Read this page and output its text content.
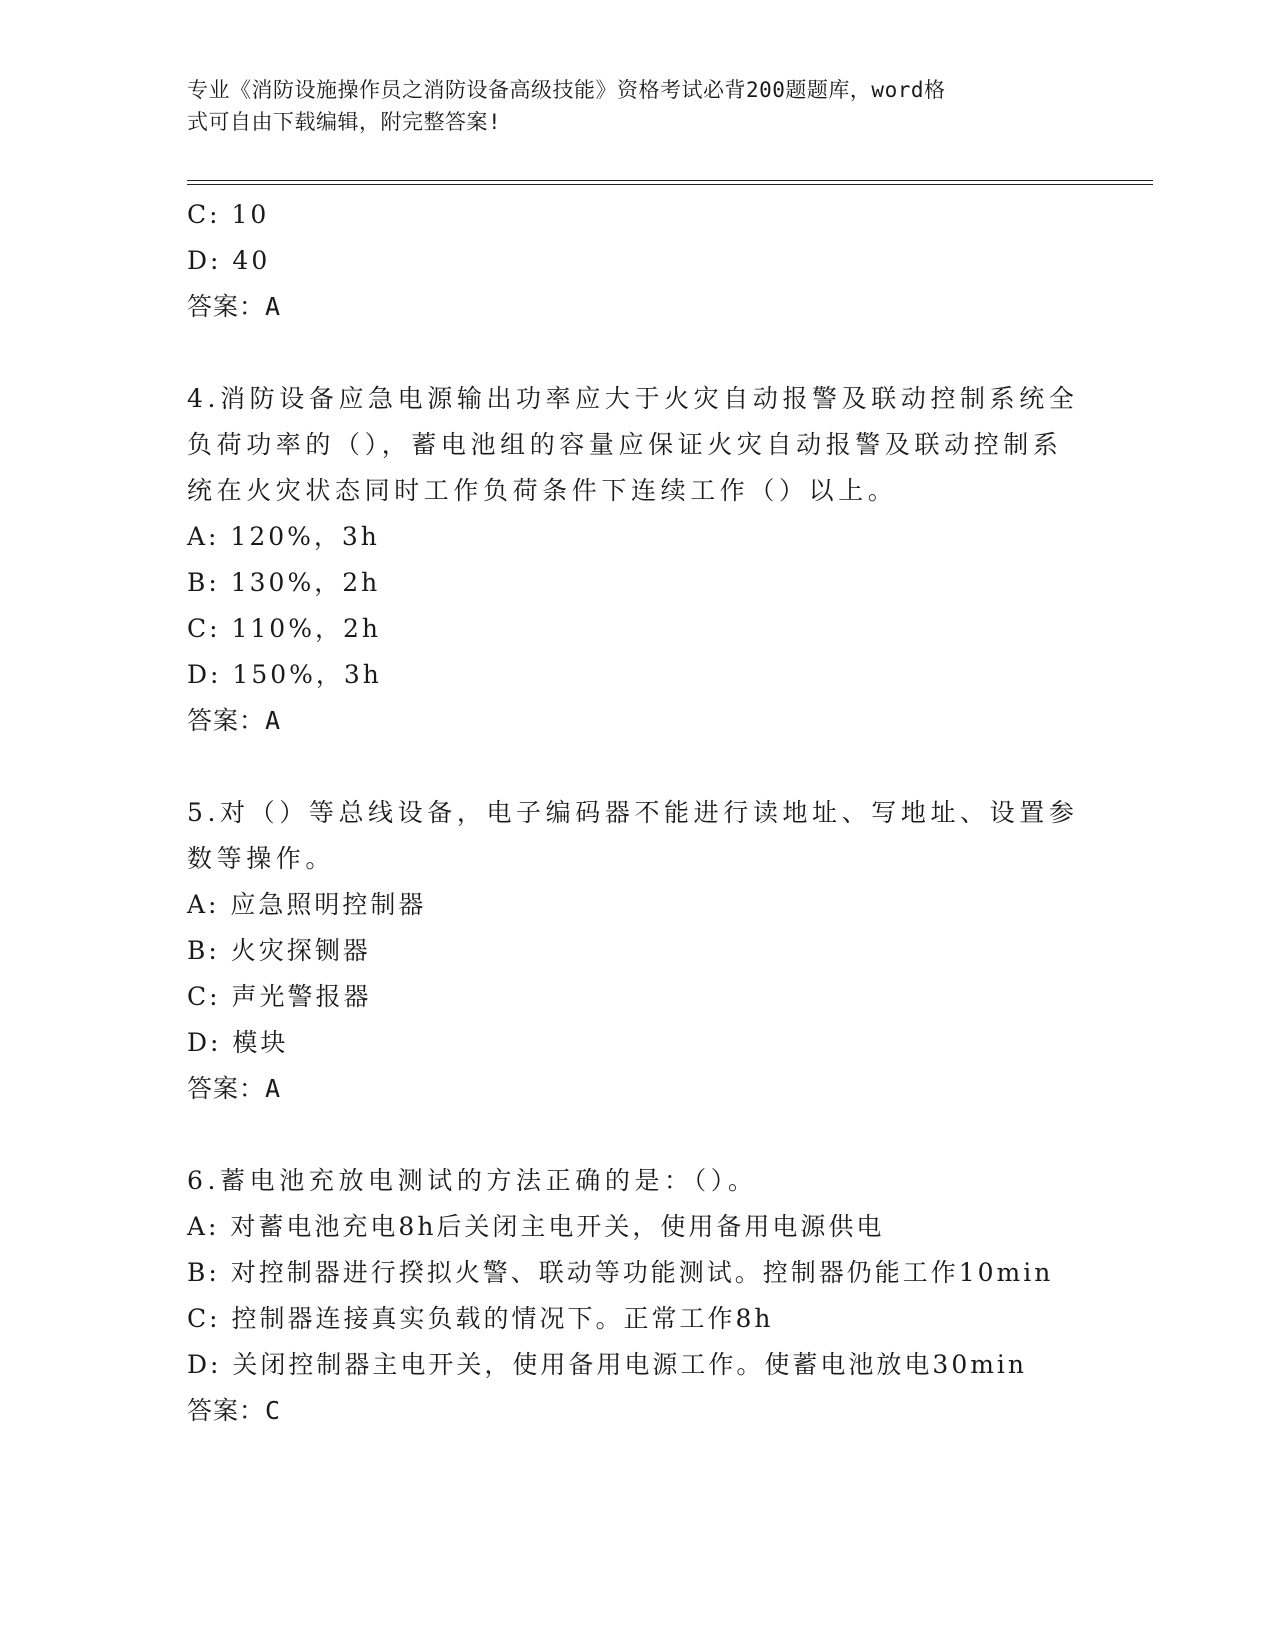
专业《消防设施操作员之消防设备高级技能》资格考试必背200题题库，word格
式可自由下载编辑，附完整答案!
C: 10
D: 40
答案：A
4.消防设备应急电源输出功率应大于火灾自动报警及联动控制系统全
负荷功率的（），蓄电池组的容量应保证火灾自动报警及联动控制系
统在火灾状态同时工作负荷条件下连续工作（）以上。
A: 120%，3h
B: 130%，2h
C: 110%，2h
D: 150%，3h
答案：A
5.对（）等总线设备，电子编码器不能进行读地址、写地址、设置参
数等操作。
A: 应急照明控制器
B: 火灾探铡器
C: 声光警报器
D: 模块
答案：A
6.蓄电池充放电测试的方法正确的是：（）。
A: 对蓄电池充电8h后关闭主电开关，使用备用电源供电
B: 对控制器进行揆拟火警、联动等功能测试。控制器仍能工作10min
C: 控制器连接真实负载的情况下。正常工作8h
D: 关闭控制器主电开关，使用备用电源工作。使蓄电池放电30min
答案：C
